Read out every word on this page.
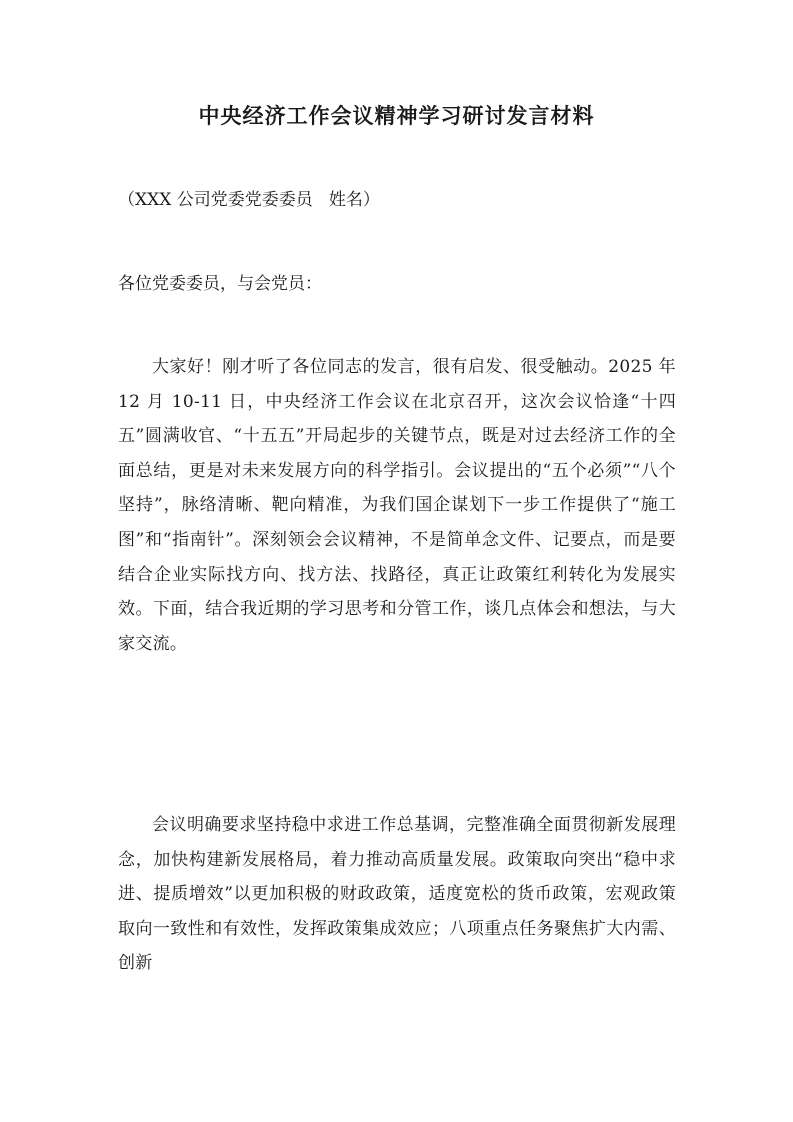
中央经济工作会议精神学习研讨发言材料
（XXX 公司党委党委委员   姓名）
各位党委委员，与会党员：
大家好！刚才听了各位同志的发言，很有启发、很受触动。2025 年 12 月 10-11 日，中央经济工作会议在北京召开，这次会议恰逢“十四五”圆满收官、“十五五”开局起步的关键节点，既是对过去经济工作的全面总结，更是对未来发展方向的科学指引。会议提出的“五个必须”“八个坚持”，脉络清晰、靶向精准，为我们国企谋划下一步工作提供了“施工图”和“指南针”。深刻领会会议精神，不是简单念文件、记要点，而是要结合企业实际找方向、找方法、找路径，真正让政策红利转化为发展实效。下面，结合我近期的学习思考和分管工作，谈几点体会和想法，与大家交流。
会议明确要求坚持稳中求进工作总基调，完整准确全面贯彻新发展理念，加快构建新发展格局，着力推动高质量发展。政策取向突出“稳中求进、提质增效”以更加积极的财政政策，适度宽松的货币政策，宏观政策取向一致性和有效性，发挥政策集成效应；八项重点任务聚焦扩大内需、创新
